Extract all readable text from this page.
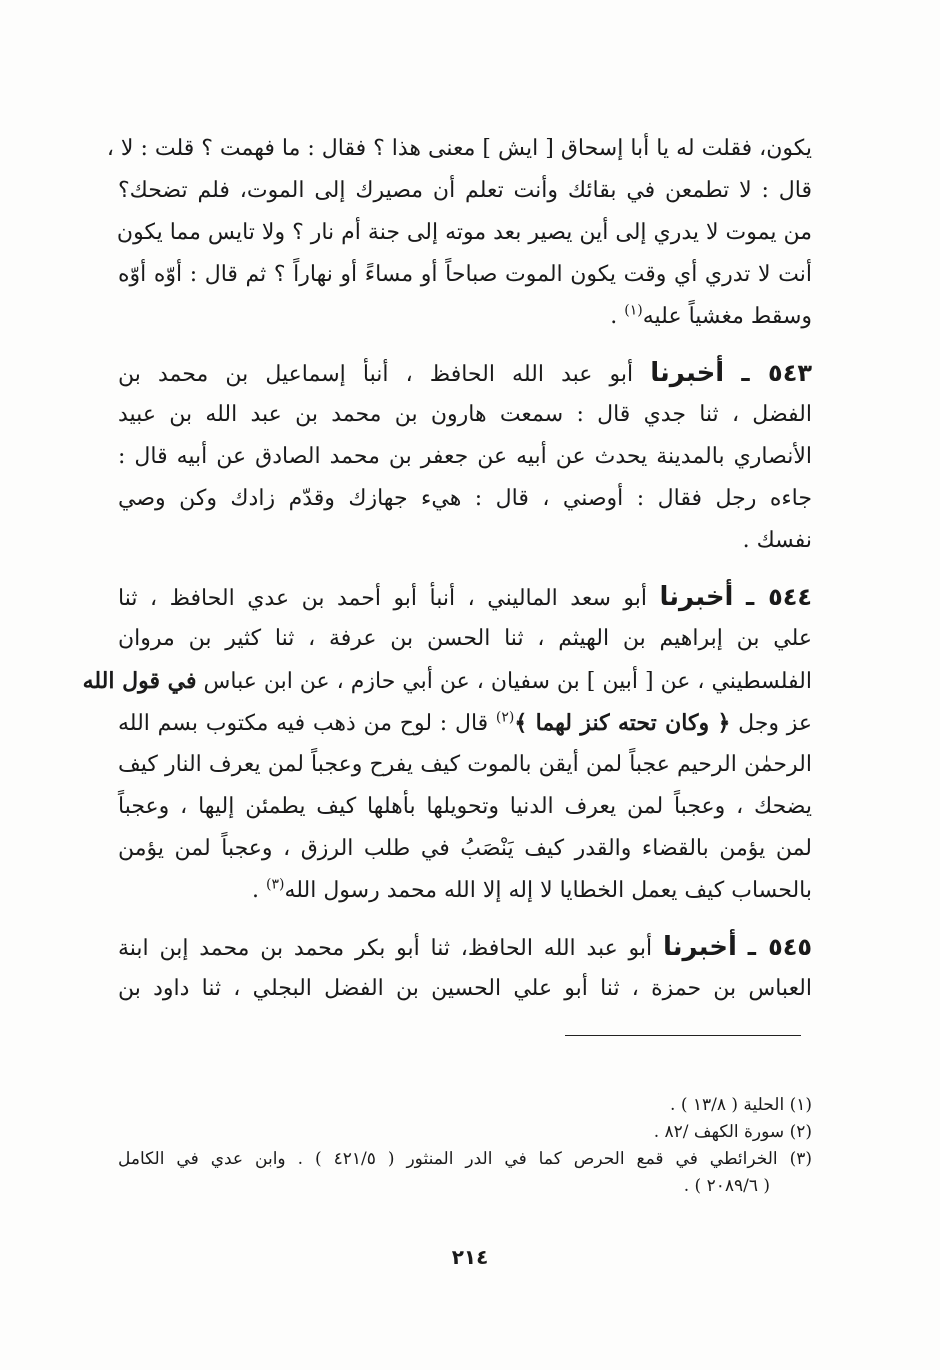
يكون، فقلت له يا أبا إسحاق [ ايش ] معنى هذا ؟ فقال : ما فهمت ؟ قلت : لا ،
قال : لا تطمعن في بقائك وأنت تعلم أن مصيرك إلى الموت، فلم تضحك؟
من يموت لا يدري إلى أين يصير بعد موته إلى جنة أم نار ؟ ولا تايس مما يكون
أنت لا تدري أي وقت يكون الموت صباحاً أو مساءً أو نهاراً ؟ ثم قال : أوّه أوّه
وسقط مغشياً عليه$^{(١)}$ .
٥٤٣ ـ أخبرنا أبو عبد الله الحافظ ، أنبأ إسماعيل بن محمد بن
الفضل ، ثنا جدي قال : سمعت هارون بن محمد بن عبد الله بن عبيد
الأنصاري بالمدينة يحدث عن أبيه عن جعفر بن محمد الصادق عن أبيه قال :
جاءه رجل فقال : أوصني ، قال : هيء جهازك وقدّم زادك وكن وصي
نفسك .
٥٤٤ ـ أخبرنا أبو سعد الماليني ، أنبأ أبو أحمد بن عدي الحافظ ، ثنا
علي بن إبراهيم بن الهيثم ، ثنا الحسن بن عرفة ، ثنا كثير بن مروان
الفلسطيني ، عن [ أبين ] بن سفيان ، عن أبي حازم ، عن ابن عباس في قول الله
عز وجل ﴿ وكان تحته كنز لهما ﴾$^{(٢)}$ قال : لوح من ذهب فيه مكتوب بسم الله
الرحمٰن الرحيم عجباً لمن أيقن بالموت كيف يفرح وعجباً لمن يعرف النار كيف
يضحك ، وعجباً لمن يعرف الدنيا وتحويلها بأهلها كيف يطمئن إليها ، وعجباً
لمن يؤمن بالقضاء والقدر كيف يَنْصَبُ في طلب الرزق ، وعجباً لمن يؤمن
بالحساب كيف يعمل الخطايا لا إله إلا الله محمد رسول الله$^{(٣)}$ .
٥٤٥ ـ أخبرنا أبو عبد الله الحافظ، ثنا أبو بكر محمد بن محمد إبن ابنة
العباس بن حمزة ، ثنا أبو علي الحسين بن الفضل البجلي ، ثنا داود بن
(١) الحلية ( ١٣/٨ ) .
(٢) سورة الكهف /٨٢ .
(٣) الخرائطي في قمع الحرص كما في الدر المنثور ( ٤٢١/٥ ) . وابن عدي في الكامل
( ٢٠٨٩/٦ ) .
٢١٤
